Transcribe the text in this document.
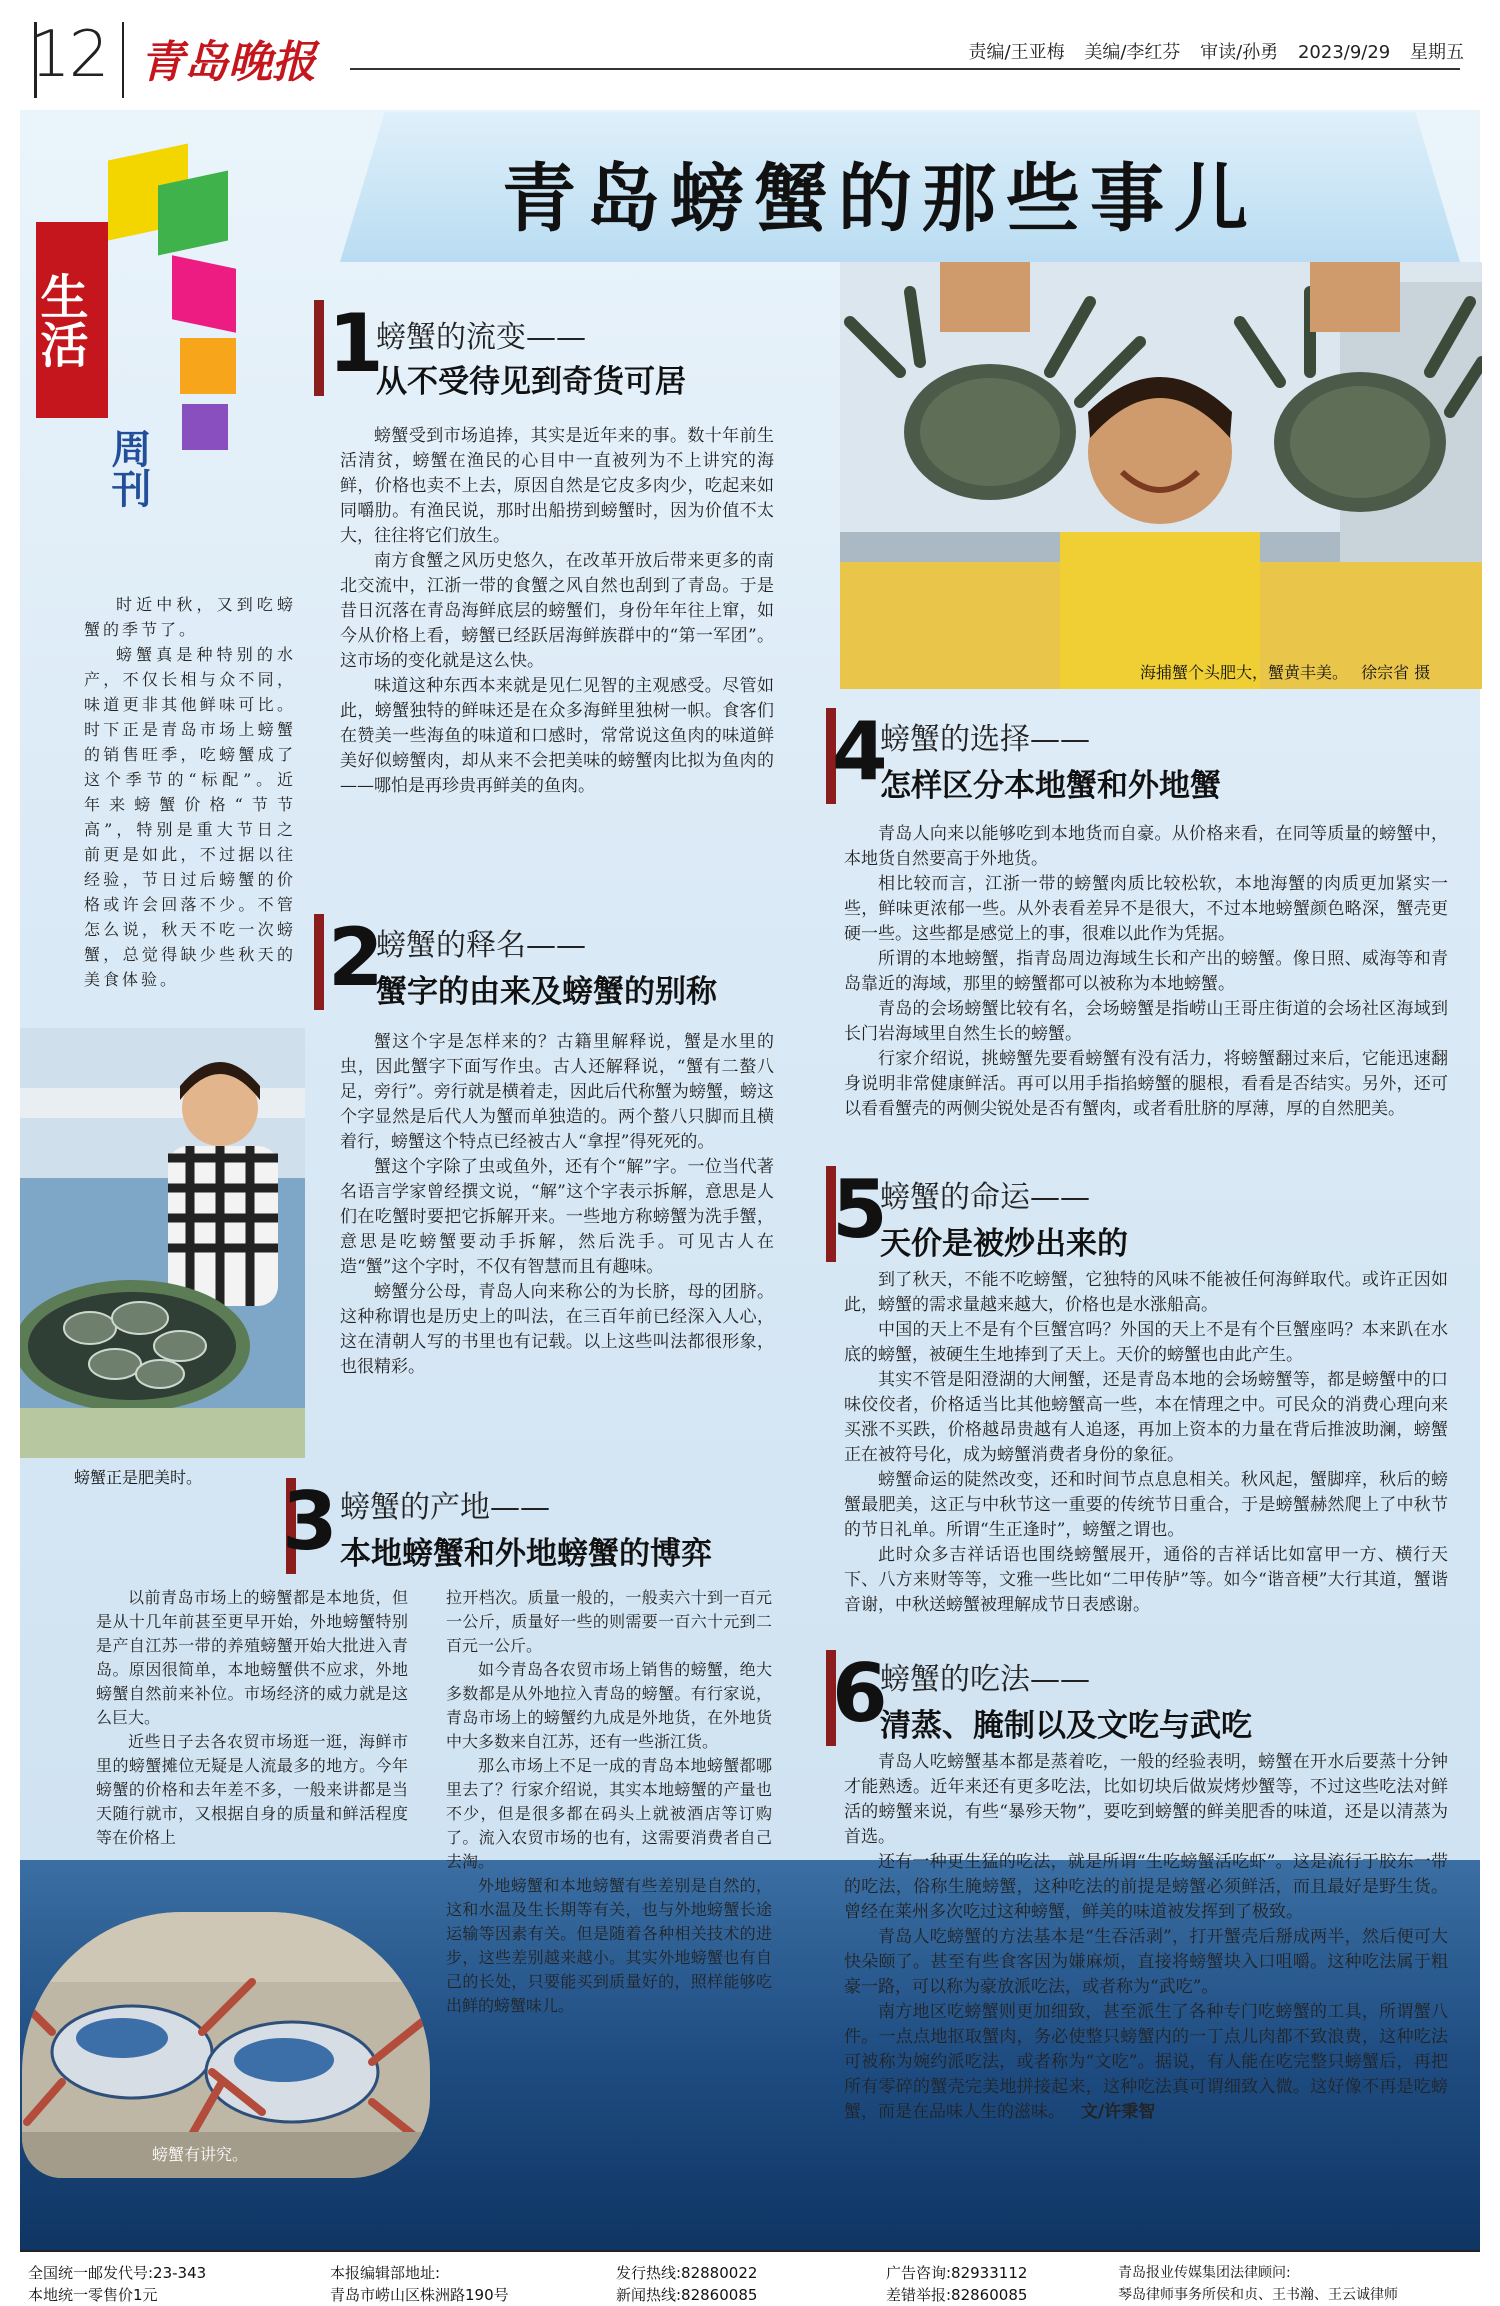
12 青岛晚报	责编/王亚梅 美编/李红芬 审读/孙勇 2023/9/29 星期五
青岛螃蟹的那些事儿
生活
周刊

时近中秋，又到吃螃蟹的季节了。

螃蟹真是种特别的水产，不仅长相与众不同，味道更非其他鲜味可比。时下正是青岛市场上螃蟹的销售旺季，吃螃蟹成了这个季节的“标配”。近年来螃蟹价格“节节高”，特别是重大节日之前更是如此，不过据以往经验，节日过后螃蟹的价格或许会回落不少。不管怎么说，秋天不吃一次螃蟹，总觉得缺少些秋天的美食体验。

螃蟹正是肥美时。
海捕蟹个头肥大，蟹黄丰美。 徐宗省 摄
螃蟹有讲究。
1
螃蟹的流变——
从不受待见到奇货可居

螃蟹受到市场追捧，其实是近年来的事。数十年前生活清贫，螃蟹在渔民的心目中一直被列为不上讲究的海鲜，价格也卖不上去，原因自然是它皮多肉少，吃起来如同嚼肋。有渔民说，那时出船捞到螃蟹时，因为价值不太大，往往将它们放生。

南方食蟹之风历史悠久，在改革开放后带来更多的南北交流中，江浙一带的食蟹之风自然也刮到了青岛。于是昔日沉落在青岛海鲜底层的螃蟹们，身份年年往上窜，如今从价格上看，螃蟹已经跃居海鲜族群中的“第一军团”。这市场的变化就是这么快。

味道这种东西本来就是见仁见智的主观感受。尽管如此，螃蟹独特的鲜味还是在众多海鲜里独树一帜。食客们在赞美一些海鱼的味道和口感时，常常说这鱼肉的味道鲜美好似螃蟹肉，却从来不会把美味的螃蟹肉比拟为鱼肉的——哪怕是再珍贵再鲜美的鱼肉。

2
螃蟹的释名——
蟹字的由来及螃蟹的别称

蟹这个字是怎样来的？古籍里解释说，蟹是水里的虫，因此蟹字下面写作虫。古人还解释说，“蟹有二螯八足，旁行”。旁行就是横着走，因此后代称蟹为螃蟹，螃这个字显然是后代人为蟹而单独造的。两个螯八只脚而且横着行，螃蟹这个特点已经被古人“拿捏”得死死的。

蟹这个字除了虫或鱼外，还有个“解”字。一位当代著名语言学家曾经撰文说，“解”这个字表示拆解，意思是人们在吃蟹时要把它拆解开来。一些地方称螃蟹为洗手蟹，意思是吃螃蟹要动手拆解，然后洗手。可见古人在造“蟹”这个字时，不仅有智慧而且有趣味。

螃蟹分公母，青岛人向来称公的为长脐，母的团脐。这种称谓也是历史上的叫法，在三百年前已经深入人心，这在清朝人写的书里也有记载。以上这些叫法都很形象，也很精彩。

3 螃蟹的产地——
本地螃蟹和外地螃蟹的博弈

以前青岛市场上的螃蟹都是本地货，但是从十几年前甚至更早开始，外地螃蟹特别是产自江苏一带的养殖螃蟹开始大批进入青岛。原因很简单，本地螃蟹供不应求，外地螃蟹自然前来补位。市场经济的威力就是这么巨大。

近些日子去各农贸市场逛一逛，海鲜市里的螃蟹摊位无疑是人流最多的地方。今年螃蟹的价格和去年差不多，一般来讲都是当天随行就市，又根据自身的质量和鲜活程度等在价格上

拉开档次。质量一般的，一般卖六十到一百元一公斤，质量好一些的则需要一百六十元到二百元一公斤。

如今青岛各农贸市场上销售的螃蟹，绝大多数都是从外地拉入青岛的螃蟹。有行家说，青岛市场上的螃蟹约九成是外地货，在外地货中大多数来自江苏，还有一些浙江货。

那么市场上不足一成的青岛本地螃蟹都哪里去了？行家介绍说，其实本地螃蟹的产量也不少，但是很多都在码头上就被酒店等订购了。流入农贸市场的也有，这需要消费者自己去淘。

外地螃蟹和本地螃蟹有些差别是自然的，这和水温及生长期等有关，也与外地螃蟹长途运输等因素有关。但是随着各种相关技术的进步，这些差别越来越小。其实外地螃蟹也有自己的长处，只要能买到质量好的，照样能够吃出鲜的螃蟹味儿。

4
螃蟹的选择——
怎样区分本地蟹和外地蟹

青岛人向来以能够吃到本地货而自豪。从价格来看，在同等质量的螃蟹中，本地货自然要高于外地货。

相比较而言，江浙一带的螃蟹肉质比较松软，本地海蟹的肉质更加紧实一些，鲜味更浓郁一些。从外表看差异不是很大，不过本地螃蟹颜色略深，蟹壳更硬一些。这些都是感觉上的事，很难以此作为凭据。

所谓的本地螃蟹，指青岛周边海域生长和产出的螃蟹。像日照、威海等和青岛靠近的海域，那里的螃蟹都可以被称为本地螃蟹。

青岛的会场螃蟹比较有名，会场螃蟹是指崂山王哥庄街道的会场社区海域到长门岩海域里自然生长的螃蟹。

行家介绍说，挑螃蟹先要看螃蟹有没有活力，将螃蟹翻过来后，它能迅速翻身说明非常健康鲜活。再可以用手指掐螃蟹的腿根，看看是否结实。另外，还可以看看蟹壳的两侧尖锐处是否有蟹肉，或者看肚脐的厚薄，厚的自然肥美。

5
螃蟹的命运——
天价是被炒出来的

到了秋天，不能不吃螃蟹，它独特的风味不能被任何海鲜取代。或许正因如此，螃蟹的需求量越来越大，价格也是水涨船高。

中国的天上不是有个巨蟹宫吗？外国的天上不是有个巨蟹座吗？本来趴在水底的螃蟹，被硬生生地捧到了天上。天价的螃蟹也由此产生。

其实不管是阳澄湖的大闸蟹，还是青岛本地的会场螃蟹等，都是螃蟹中的口味佼佼者，价格适当比其他螃蟹高一些，本在情理之中。可民众的消费心理向来买涨不买跌，价格越昂贵越有人追逐，再加上资本的力量在背后推波助澜，螃蟹正在被符号化，成为螃蟹消费者身份的象征。

螃蟹命运的陡然改变，还和时间节点息息相关。秋风起，蟹脚痒，秋后的螃蟹最肥美，这正与中秋节这一重要的传统节日重合，于是螃蟹赫然爬上了中秋节的节日礼单。所谓“生正逢时”，螃蟹之谓也。

此时众多吉祥话语也围绕螃蟹展开，通俗的吉祥话比如富甲一方、横行天下、八方来财等等，文雅一些比如“二甲传胪”等。如今“谐音梗”大行其道，蟹谐音谢，中秋送螃蟹被理解成节日表感谢。

6
螃蟹的吃法——
清蒸、腌制以及文吃与武吃

青岛人吃螃蟹基本都是蒸着吃，一般的经验表明，螃蟹在开水后要蒸十分钟才能熟透。近年来还有更多吃法，比如切块后做炭烤炒蟹等，不过这些吃法对鲜活的螃蟹来说，有些“暴殄天物”，要吃到螃蟹的鲜美肥香的味道，还是以清蒸为首选。

还有一种更生猛的吃法，就是所谓“生吃螃蟹活吃虾”。这是流行于胶东一带的吃法，俗称生腌螃蟹，这种吃法的前提是螃蟹必须鲜活，而且最好是野生货。曾经在莱州多次吃过这种螃蟹，鲜美的味道被发挥到了极致。

青岛人吃螃蟹的方法基本是“生吞活剥”，打开蟹壳后掰成两半，然后便可大快朵颐了。甚至有些食客因为嫌麻烦，直接将螃蟹块入口咀嚼。这种吃法属于粗豪一路，可以称为豪放派吃法，或者称为“武吃”。

南方地区吃螃蟹则更加细致，甚至派生了各种专门吃螃蟹的工具，所谓蟹八件。一点点地抠取蟹肉，务必使整只螃蟹内的一丁点儿肉都不致浪费，这种吃法可被称为婉约派吃法，或者称为“文吃”。据说，有人能在吃完整只螃蟹后，再把所有零碎的蟹壳完美地拼接起来，这种吃法真可谓细致入微。这好像不再是吃螃蟹，而是在品味人生的滋味。 文/许秉智

全国统一邮发代号:23-343
本地统一零售价1元
本报编辑部地址:
青岛市崂山区株洲路190号
发行热线:82880022
新闻热线:82860085
广告咨询:82933112
差错举报:82860085
青岛报业传媒集团法律顾问:
琴岛律师事务所侯和贞、王书瀚、王云诚律师
